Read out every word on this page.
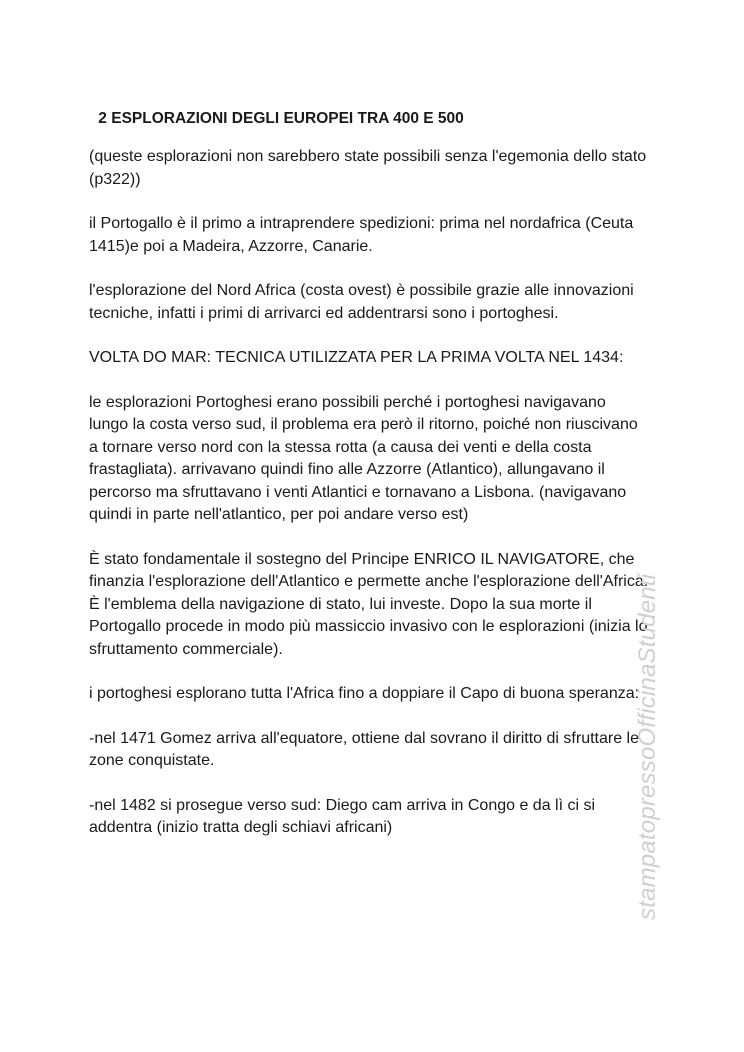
2 ESPLORAZIONI DEGLI EUROPEI TRA 400 E 500

(queste esplorazioni non sarebbero state possibili senza l'egemonia dello stato (p322))

il Portogallo è il primo a intraprendere spedizioni: prima nel nordafrica (Ceuta 1415)e poi a Madeira, Azzorre, Canarie.

l'esplorazione del Nord Africa (costa ovest) è possibile grazie alle innovazioni tecniche, infatti i primi di arrivarci ed addentrarsi sono i portoghesi.

VOLTA DO MAR: TECNICA UTILIZZATA PER LA PRIMA VOLTA NEL 1434:

le esplorazioni Portoghesi erano possibili perché i portoghesi navigavano lungo la costa verso sud, il problema era però il ritorno, poiché non riuscivano a tornare verso nord con la stessa rotta (a causa dei venti e della costa frastagliata). arrivavano quindi fino alle Azzorre (Atlantico), allungavano il percorso ma sfruttavano i venti Atlantici e tornavano a Lisbona. (navigavano quindi in parte nell'atlantico, per poi andare verso est)

È stato fondamentale il sostegno del Principe ENRICO IL NAVIGATORE, che finanzia l'esplorazione dell'Atlantico e permette anche l'esplorazione dell'Africa. È l'emblema della navigazione di stato, lui investe. Dopo la sua morte il Portogallo procede in modo più massiccio invasivo con le esplorazioni (inizia lo sfruttamento commerciale).

i portoghesi esplorano tutta l'Africa fino a doppiare il Capo di buona speranza:

-nel 1471 Gomez arriva all'equatore, ottiene dal sovrano il diritto di sfruttare le zone conquistate.

-nel 1482 si prosegue verso sud: Diego cam arriva in Congo e da lì ci si addentra (inizio tratta degli schiavi africani)	stampatopressoOfficinaStudenti
